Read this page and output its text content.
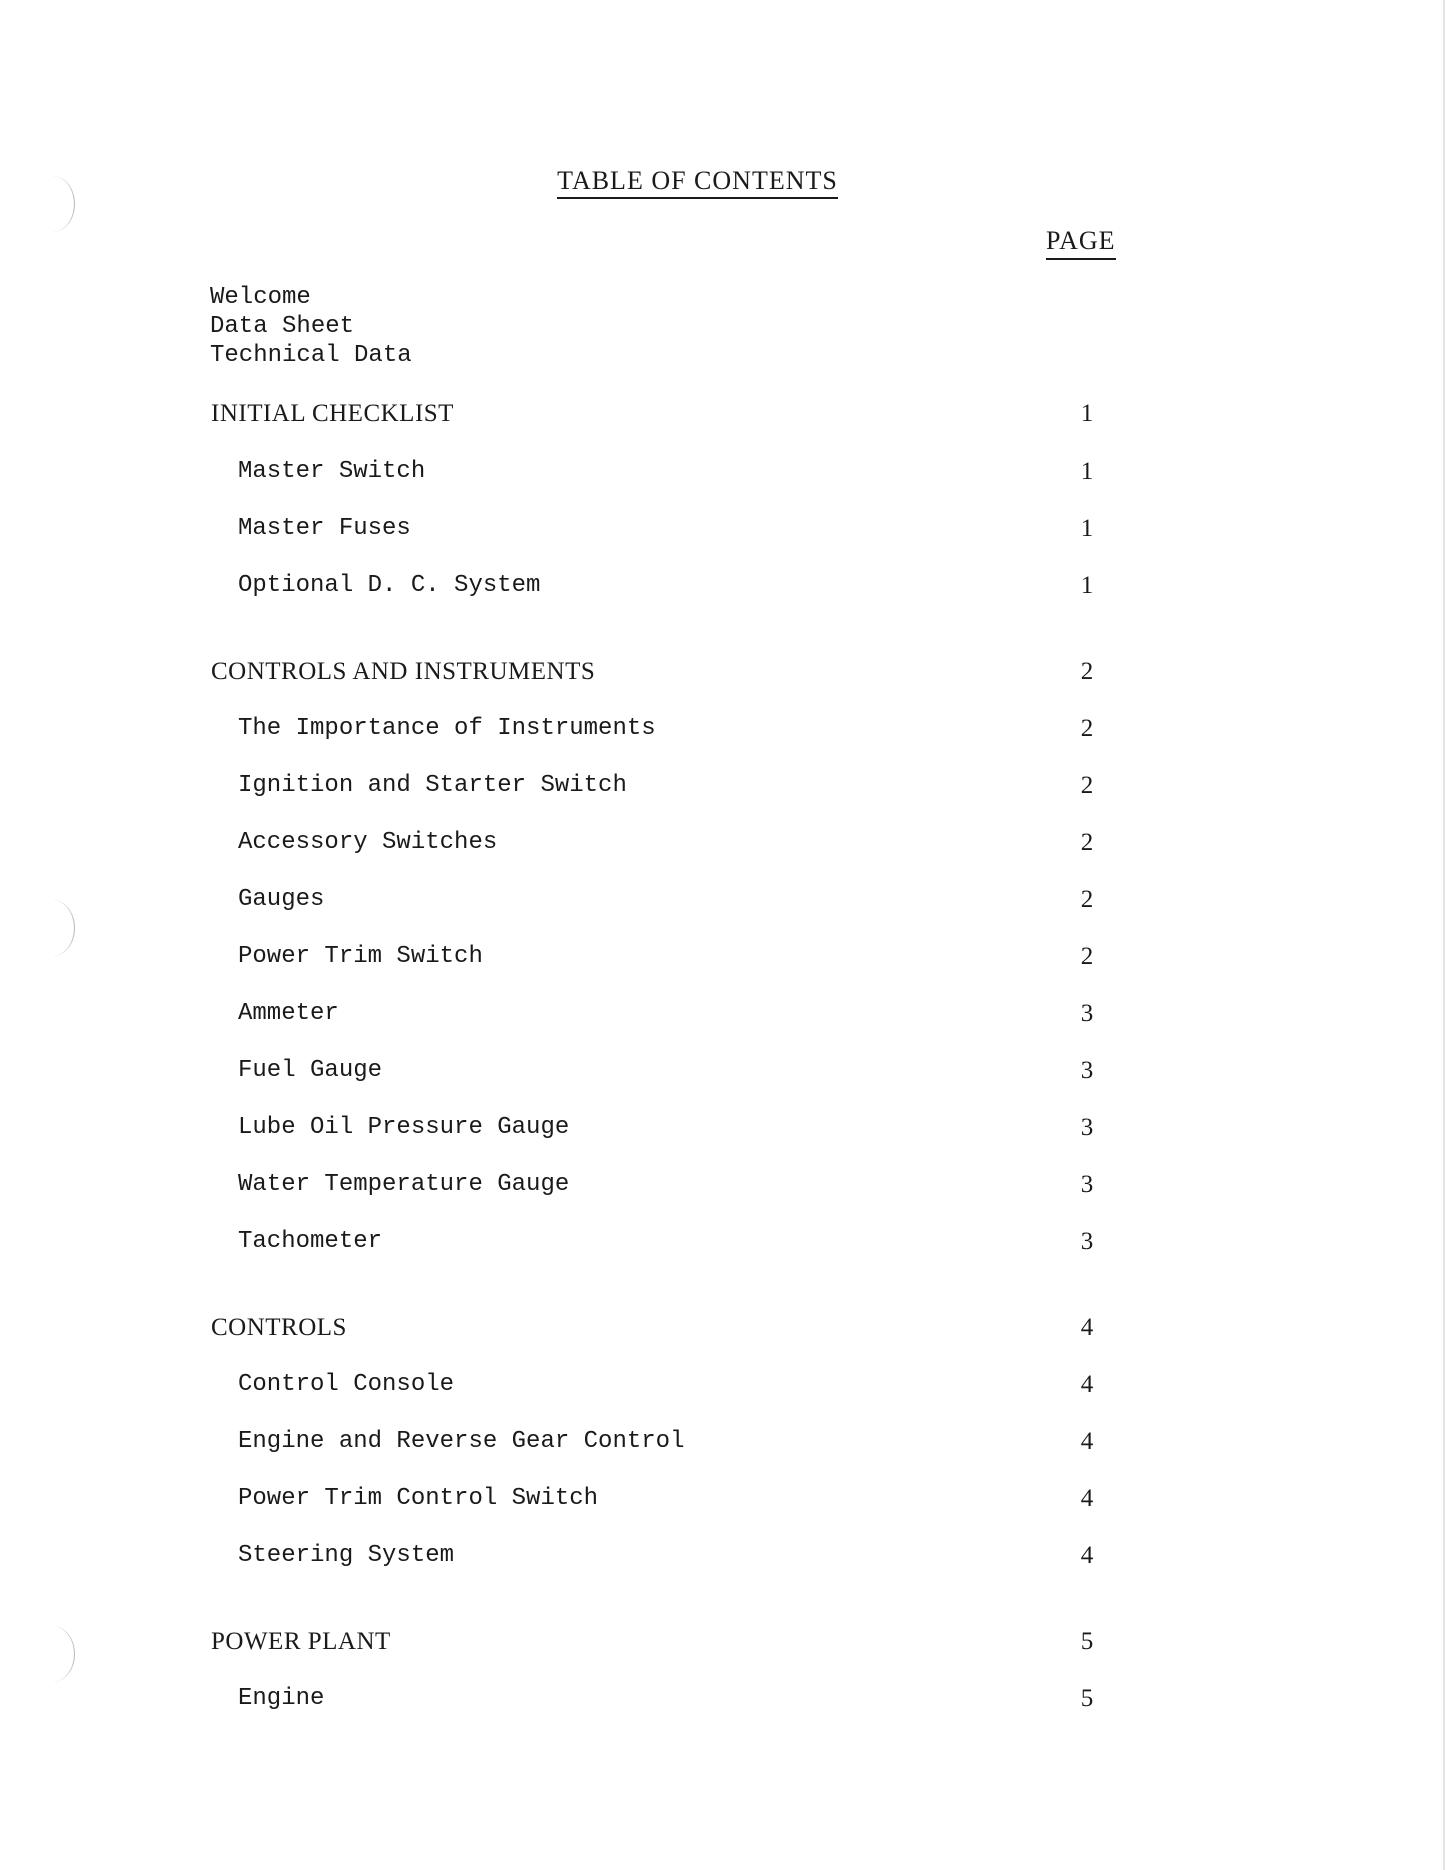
TABLE OF CONTENTS
PAGE
Welcome
Data Sheet
Technical Data
INITIAL CHECKLIST	1
Master Switch	1
Master Fuses	1
Optional D. C. System	1
CONTROLS AND INSTRUMENTS	2
The Importance of Instruments	2
Ignition and Starter Switch	2
Accessory Switches	2
Gauges	2
Power Trim Switch	2
Ammeter	3
Fuel Gauge	3
Lube Oil Pressure Gauge	3
Water Temperature Gauge	3
Tachometer	3
CONTROLS	4
Control Console	4
Engine and Reverse Gear Control	4
Power Trim Control Switch	4
Steering System	4
POWER PLANT	5
Engine	5
